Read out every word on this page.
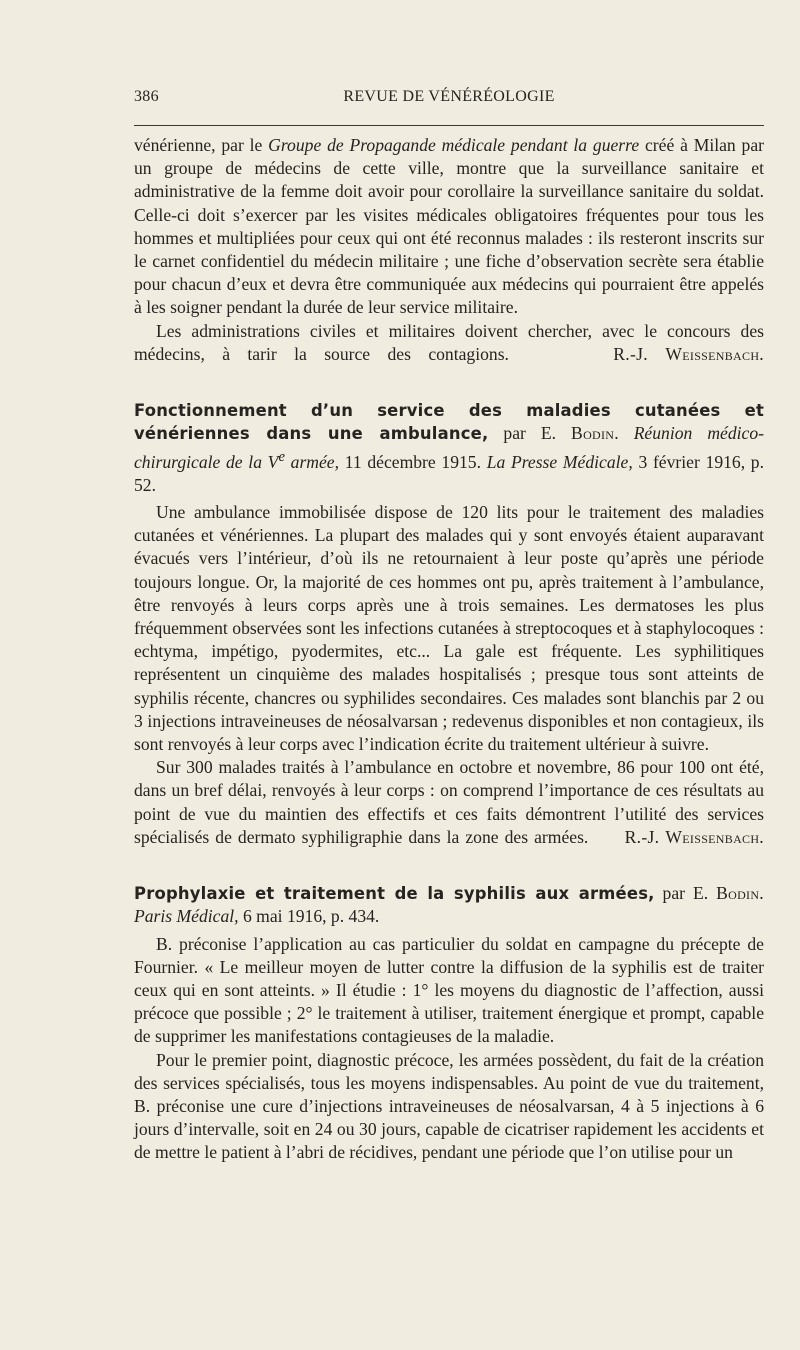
386	REVUE DE VÉNÉRÉOLOGIE

vénérienne, par le Groupe de Propagande médicale pendant la guerre créé à Milan par un groupe de médecins de cette ville, montre que la surveillance sanitaire et administrative de la femme doit avoir pour corollaire la surveillance sanitaire du soldat. Celle-ci doit s’exercer par les visites médicales obligatoires fréquentes pour tous les hommes et multipliées pour ceux qui ont été reconnus malades : ils resteront inscrits sur le carnet confidentiel du médecin militaire ; une fiche d’observation secrète sera établie pour chacun d’eux et devra être communiquée aux médecins qui pourraient être appelés à les soigner pendant la durée de leur service militaire.

Les administrations civiles et militaires doivent chercher, avec le concours des médecins, à tarir la source des contagions.	R.-J. Weissenbach.

Fonctionnement d’un service des maladies cutanées et vénériennes dans une ambulance, par E. Bodin. Réunion médico-chirurgicale de la Ve armée, 11 décembre 1915. La Presse Médicale, 3 février 1916, p. 52.

Une ambulance immobilisée dispose de 120 lits pour le traitement des maladies cutanées et vénériennes. La plupart des malades qui y sont envoyés étaient auparavant évacués vers l’intérieur, d’où ils ne retournaient à leur poste qu’après une période toujours longue. Or, la majorité de ces hommes ont pu, après traitement à l’ambulance, être renvoyés à leurs corps après une à trois semaines. Les dermatoses les plus fréquemment observées sont les infections cutanées à streptocoques et à staphylocoques : echtyma, impétigo, pyodermites, etc... La gale est fréquente. Les syphilitiques représentent un cinquième des malades hospitalisés ; presque tous sont atteints de syphilis récente, chancres ou syphilides secondaires. Ces malades sont blanchis par 2 ou 3 injections intraveineuses de néosalvarsan ; redevenus disponibles et non contagieux, ils sont renvoyés à leur corps avec l’indication écrite du traitement ultérieur à suivre.

Sur 300 malades traités à l’ambulance en octobre et novembre, 86 pour 100 ont été, dans un bref délai, renvoyés à leur corps : on comprend l’importance de ces résultats au point de vue du maintien des effectifs et ces faits démontrent l’utilité des services spécialisés de dermato syphiligraphie dans la zone des armées. R.-J. Weissenbach.

Prophylaxie et traitement de la syphilis aux armées, par E. Bodin. Paris Médical, 6 mai 1916, p. 434.

B. préconise l’application au cas particulier du soldat en campagne du précepte de Fournier. « Le meilleur moyen de lutter contre la diffusion de la syphilis est de traiter ceux qui en sont atteints. » Il étudie : 1° les moyens du diagnostic de l’affection, aussi précoce que possible ; 2° le traitement à utiliser, traitement énergique et prompt, capable de supprimer les manifestations contagieuses de la maladie.

Pour le premier point, diagnostic précoce, les armées possèdent, du fait de la création des services spécialisés, tous les moyens indispensables. Au point de vue du traitement, B. préconise une cure d’injections intraveineuses de néosalvarsan, 4 à 5 injections à 6 jours d’intervalle, soit en 24 ou 30 jours, capable de cicatriser rapidement les accidents et de mettre le patient à l’abri de récidives, pendant une période que l’on utilise pour un
